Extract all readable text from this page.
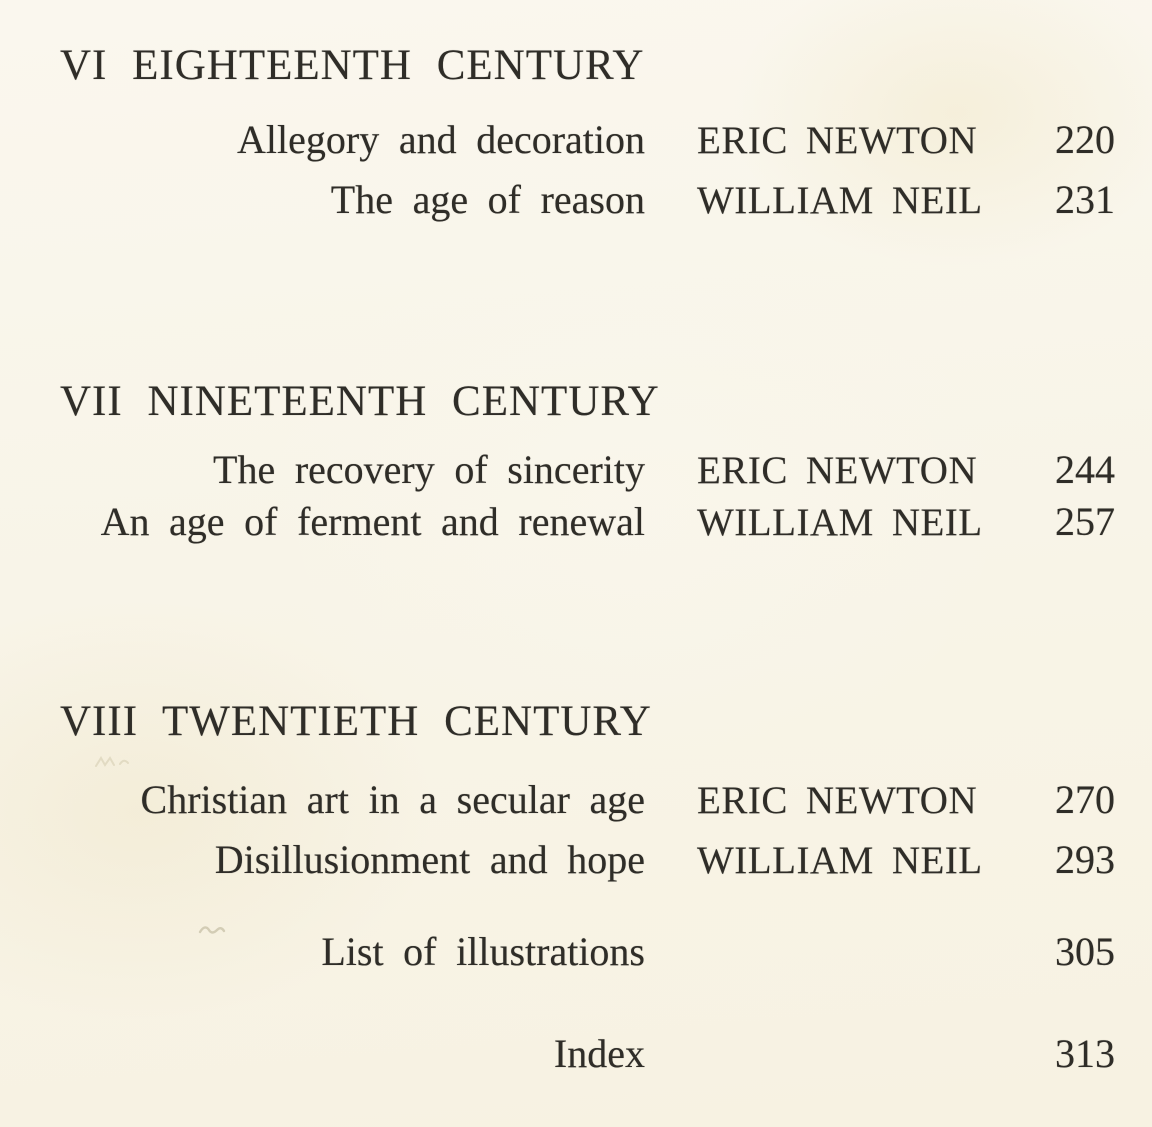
VI EIGHTEENTH CENTURY
Allegory and decoration ERIC NEWTON	220
The age of reason WILLIAM NEIL	231
VII NINETEENTH CENTURY
The recovery of sincerity ERIC NEWTON	244
An age of ferment and renewal WILLIAM NEIL	257
VIII TWENTIETH CENTURY
Christian art in a secular age ERIC NEWTON	270
Disillusionment and hope WILLIAM NEIL	293
List of illustrations	305
Index	313
